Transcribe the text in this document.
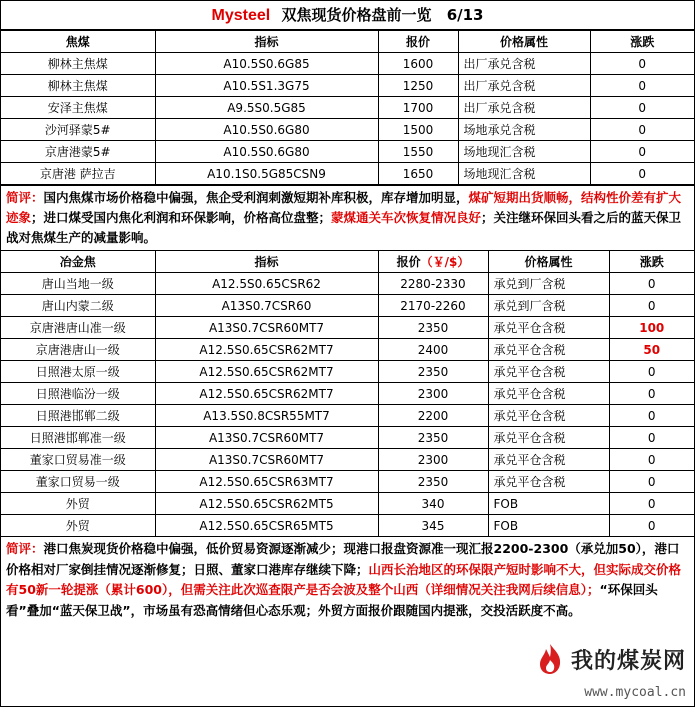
Mysteel 双焦现货价格盘前一览 6/13
焦煤	指标	报价	价格属性	涨跌
柳林主焦煤	A10.5S0.6G85	1600	出厂承兑含税	0
柳林主焦煤	A10.5S1.3G75	1250	出厂承兑含税	0
安泽主焦煤	A9.5S0.5G85	1700	出厂承兑含税	0
沙河驿蒙5#	A10.5S0.6G80	1500	场地承兑含税	0
京唐港蒙5#	A10.5S0.6G80	1550	场地现汇含税	0
京唐港 萨拉吉	A10.1S0.5G85CSN9	1650	场地现汇含税	0
简评：国内焦煤市场价格稳中偏强，焦企受利润刺激短期补库积极，库存增加明显，煤矿短期出货顺畅，结构性价差有扩大迹象；进口煤受国内焦化利润和环保影响，价格高位盘整；蒙煤通关车次恢复情况良好；关注继环保回头看之后的蓝天保卫战对焦煤生产的减量影响。
冶金焦	指标	报价（￥/$）	价格属性	涨跌
唐山当地一级	A12.5S0.65CSR62	2280-2330	承兑到厂含税	0
唐山内蒙二级	A13S0.7CSR60	2170-2260	承兑到厂含税	0
京唐港唐山准一级	A13S0.7CSR60MT7	2350	承兑平仓含税	100
京唐港唐山一级	A12.5S0.65CSR62MT7	2400	承兑平仓含税	50
日照港太原一级	A12.5S0.65CSR62MT7	2350	承兑平仓含税	0
日照港临汾一级	A12.5S0.65CSR62MT7	2300	承兑平仓含税	0
日照港邯郸二级	A13.5S0.8CSR55MT7	2200	承兑平仓含税	0
日照港邯郸准一级	A13S0.7CSR60MT7	2350	承兑平仓含税	0
董家口贸易准一级	A13S0.7CSR60MT7	2300	承兑平仓含税	0
董家口贸易一级	A12.5S0.65CSR63MT7	2350	承兑平仓含税	0
外贸	A12.5S0.65CSR62MT5	340	FOB	0
外贸	A12.5S0.65CSR65MT5	345	FOB	0
简评：港口焦炭现货价格稳中偏强，低价贸易资源逐渐减少；现港口报盘资源准一现汇报2200-2300（承兑加50），港口价格相对厂家倒挂情况逐渐修复；日照、董家口港库存继续下降；山西长治地区的环保限产短时影响不大，但实际成交价格有50新一轮提涨（累计600），但需关注此次巡查限产是否会波及整个山西（详细情况关注我网后续信息）；“环保回头看”叠加“蓝天保卫战”，市场虽有恐高情绪但心态乐观；外贸方面报价跟随国内提涨，交投活跃度不高。
我的煤炭网
www.mycoal.cn
